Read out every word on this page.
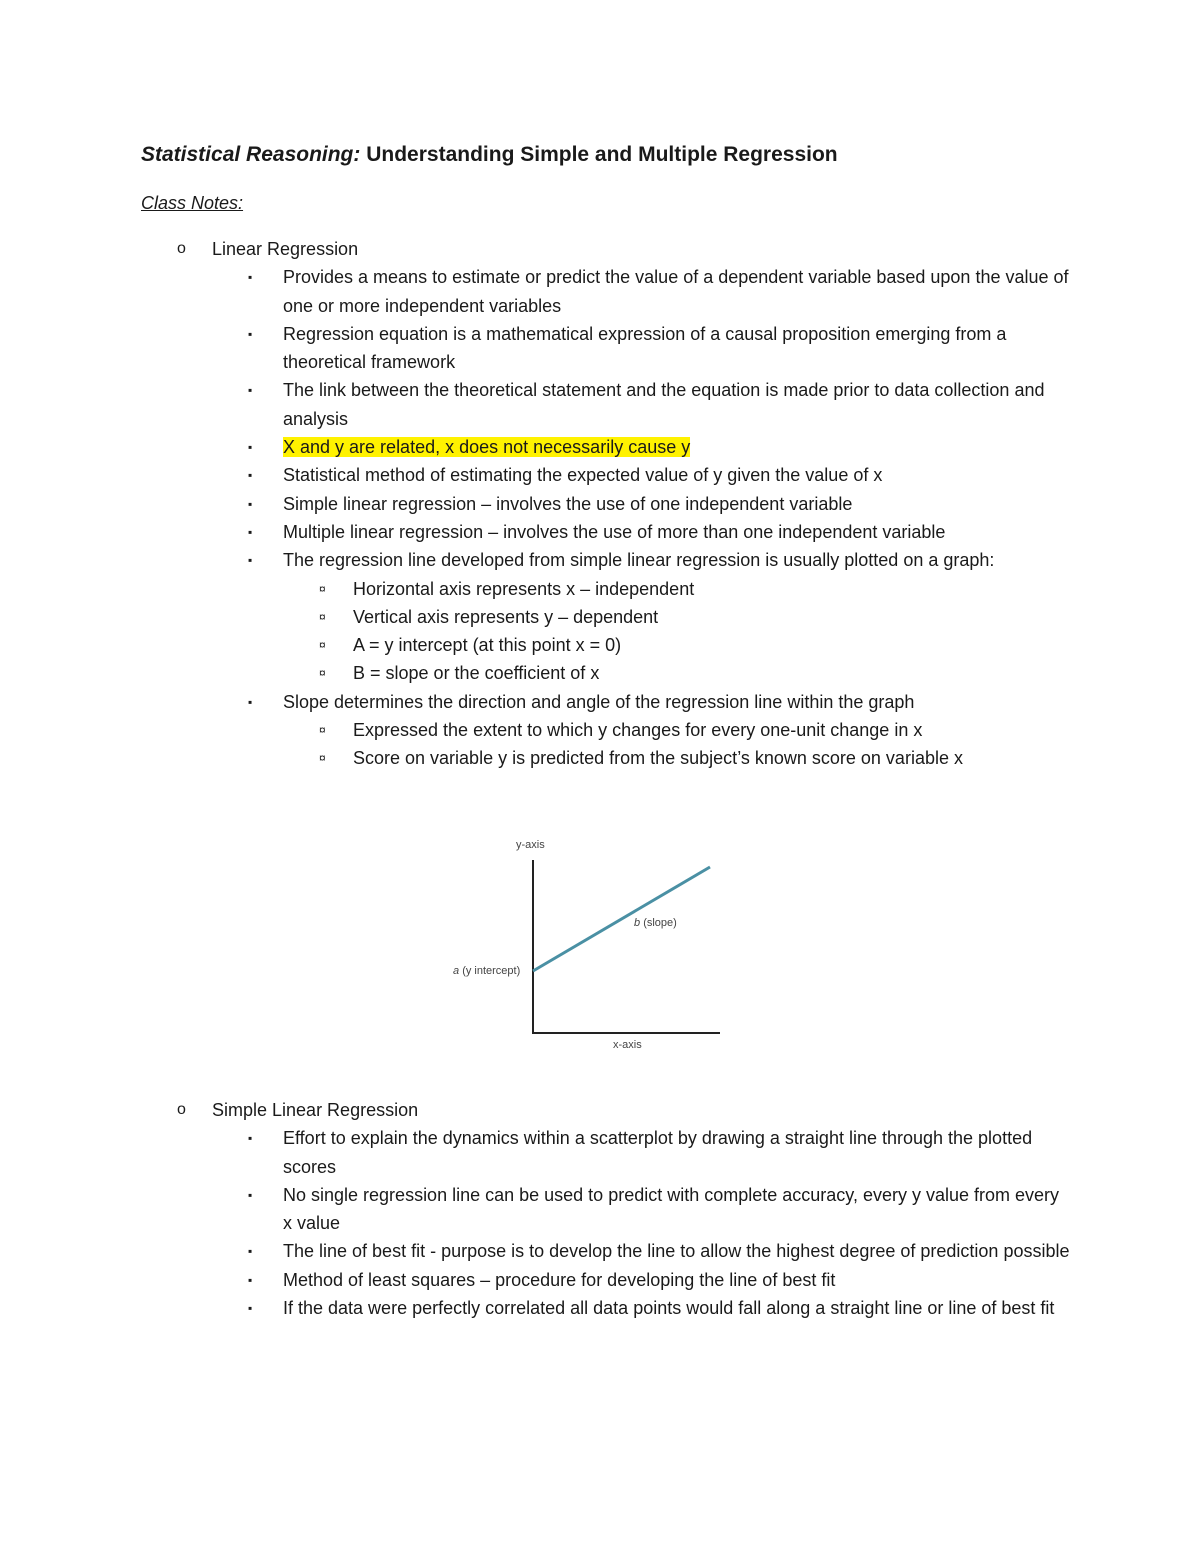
Statistical Reasoning: Understanding Simple and Multiple Regression
Class Notes:
o Linear Regression
▪ Provides a means to estimate or predict the value of a dependent variable based upon the value of one or more independent variables
▪ Regression equation is a mathematical expression of a causal proposition emerging from a theoretical framework
▪ The link between the theoretical statement and the equation is made prior to data collection and analysis
▪ X and y are related, x does not necessarily cause y
▪ Statistical method of estimating the expected value of y given the value of x
▪ Simple linear regression – involves the use of one independent variable
▪ Multiple linear regression – involves the use of more than one independent variable
▪ The regression line developed from simple linear regression is usually plotted on a graph:
¤ Horizontal axis represents x – independent
¤ Vertical axis represents y – dependent
¤ A = y intercept (at this point x = 0)
¤ B = slope or the coefficient of x
▪ Slope determines the direction and angle of the regression line within the graph
¤ Expressed the extent to which y changes for every one-unit change in x
¤ Score on variable y is predicted from the subject’s known score on variable x
y-axis
a (y intercept)
b (slope)
x-axis
o Simple Linear Regression
▪ Effort to explain the dynamics within a scatterplot by drawing a straight line through the plotted scores
▪ No single regression line can be used to predict with complete accuracy, every y value from every x value
▪ The line of best fit - purpose is to develop the line to allow the highest degree of prediction possible
▪ Method of least squares – procedure for developing the line of best fit
▪ If the data were perfectly correlated all data points would fall along a straight line or line of best fit
